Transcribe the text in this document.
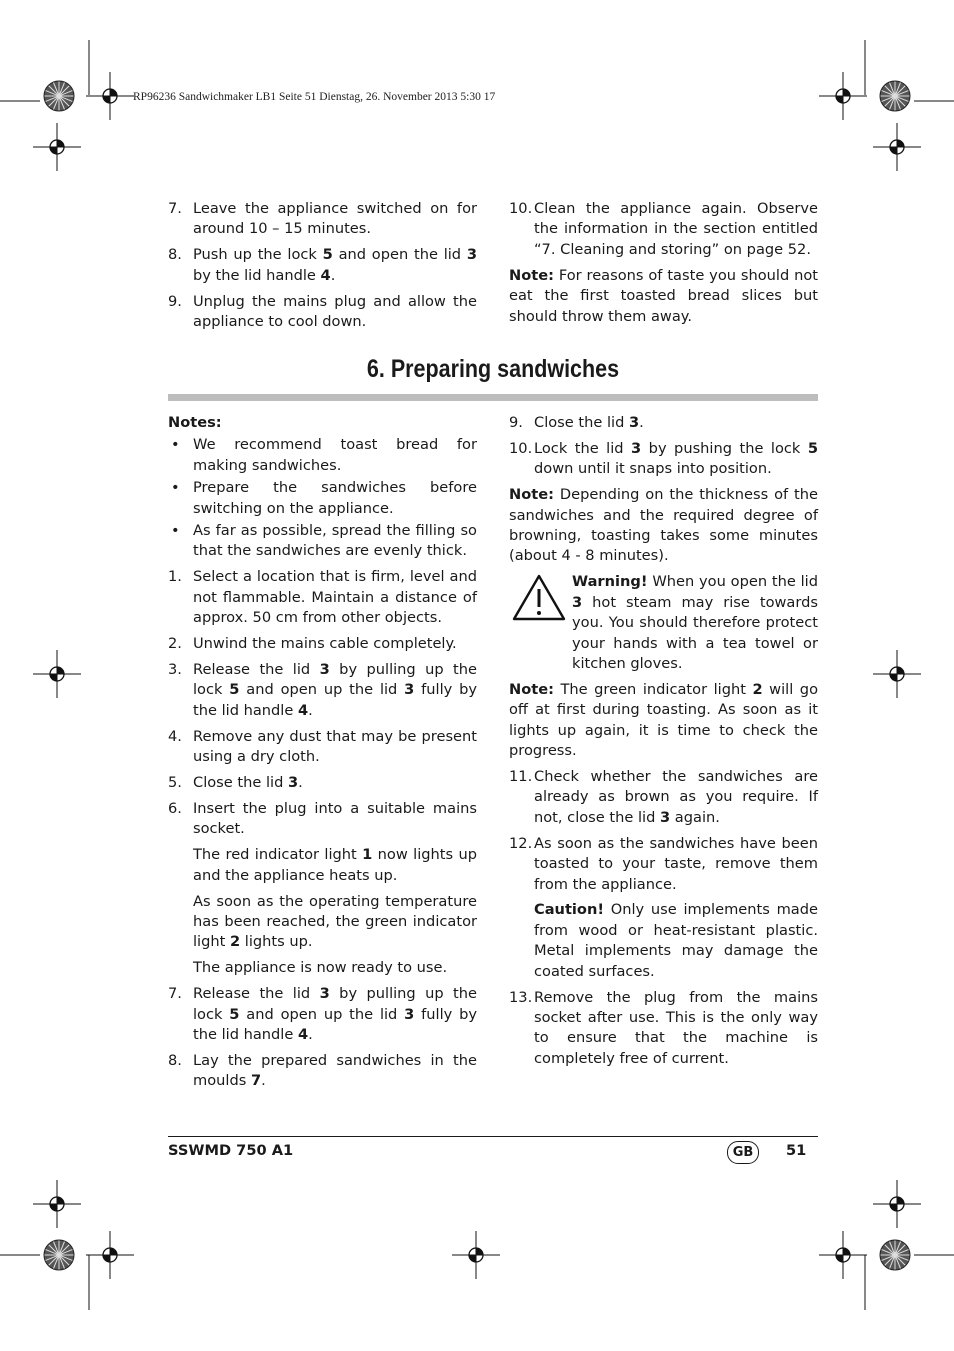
RP96236 Sandwichmaker LB1 Seite 51 Dienstag, 26. November 2013 5:30 17
7. Leave the appliance switched on for around 10 – 15 minutes.
8. Push up the lock 5 and open the lid 3 by the lid handle 4.
9. Unplug the mains plug and allow the appliance to cool down.
10. Clean the appliance again. Observe the information in the section entitled “7. Cleaning and storing” on page 52.
Note: For reasons of taste you should not eat the first toasted bread slices but should throw them away.
6. Preparing sandwiches
Notes:
• We recommend toast bread for making sandwiches.
• Prepare the sandwiches before switching on the appliance.
• As far as possible, spread the filling so that the sandwiches are evenly thick.
1. Select a location that is firm, level and not flammable. Maintain a distance of approx. 50 cm from other objects.
2. Unwind the mains cable completely.
3. Release the lid 3 by pulling up the lock 5 and open up the lid 3 fully by the lid handle 4.
4. Remove any dust that may be present using a dry cloth.
5. Close the lid 3.
6. Insert the plug into a suitable mains socket.
The red indicator light 1 now lights up and the appliance heats up.
As soon as the operating temperature has been reached, the green indicator light 2 lights up.
The appliance is now ready to use.
7. Release the lid 3 by pulling up the lock 5 and open up the lid 3 fully by the lid handle 4.
8. Lay the prepared sandwiches in the moulds 7.
9. Close the lid 3.
10. Lock the lid 3 by pushing the lock 5 down until it snaps into position.
Note: Depending on the thickness of the sandwiches and the required degree of browning, toasting takes some minutes (about 4 - 8 minutes).
Warning! When you open the lid 3 hot steam may rise towards you. You should therefore protect your hands with a tea towel or kitchen gloves.
Note: The green indicator light 2 will go off at first during toasting. As soon as it lights up again, it is time to check the progress.
11. Check whether the sandwiches are already as brown as you require. If not, close the lid 3 again.
12. As soon as the sandwiches have been toasted to your taste, remove them from the appliance.
Caution! Only use implements made from wood or heat-resistant plastic. Metal implements may damage the coated surfaces.
13. Remove the plug from the mains socket after use. This is the only way to ensure that the machine is completely free of current.
SSWMD 750 A1	GB	51
